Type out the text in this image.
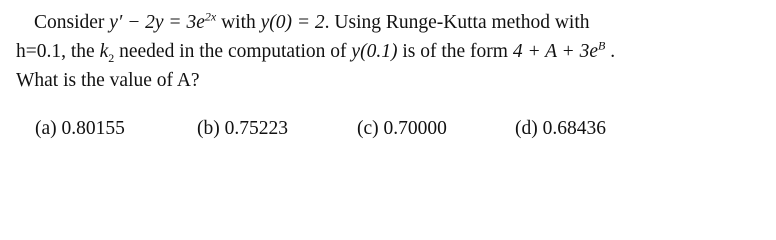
Consider $y' - 2y = 3e^{2x}$ with y(0) = 2. Using Runge-Kutta method with
h=0.1, the $k_2$ needed in the computation of y(0.1) is of the form $4 + A + 3e^B$ .
What is the value of A?
(a) 0.80155	(b) 0.75223	(c) 0.70000	(d) 0.68436
